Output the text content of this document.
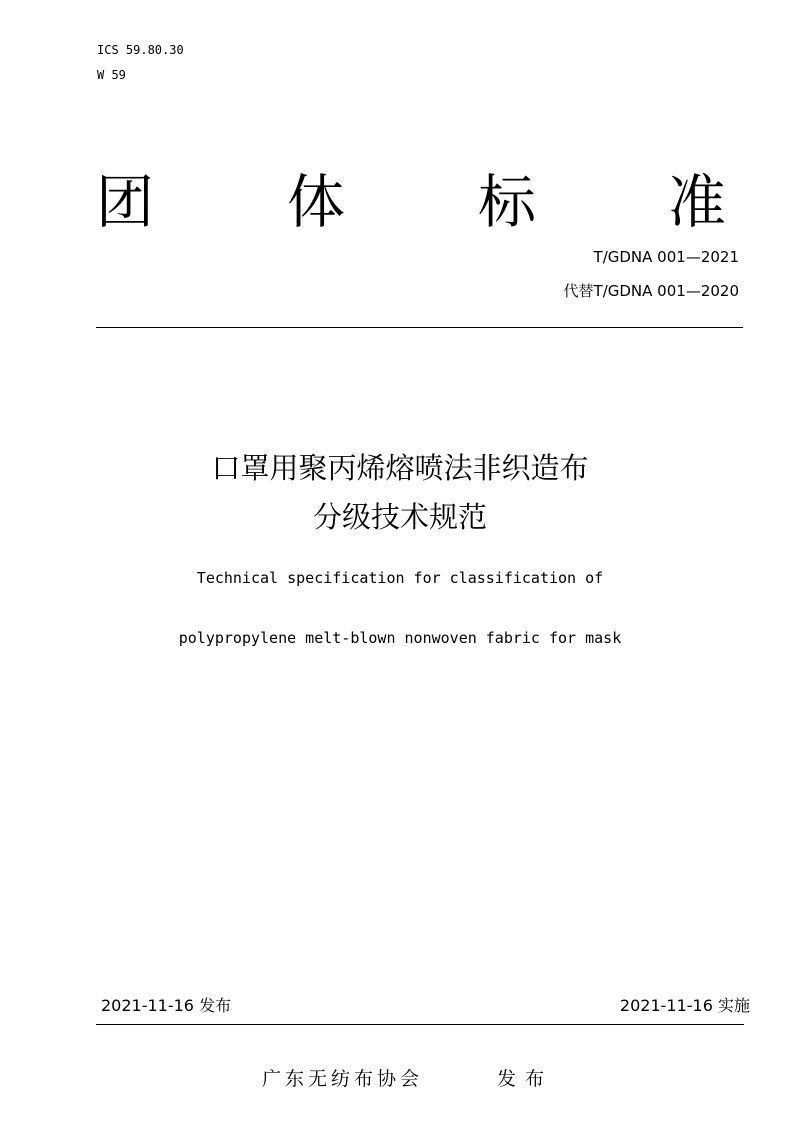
ICS 59.80.30
W 59
团 体 标 准
T/GDNA 001—2021
代替T/GDNA 001—2020
口罩用聚丙烯熔喷法非织造布
分级技术规范
Technical specification for classification of
polypropylene melt-blown nonwoven fabric for mask
2021-11-16 发布	2021-11-16 实施
广东无纺布协会	发布
